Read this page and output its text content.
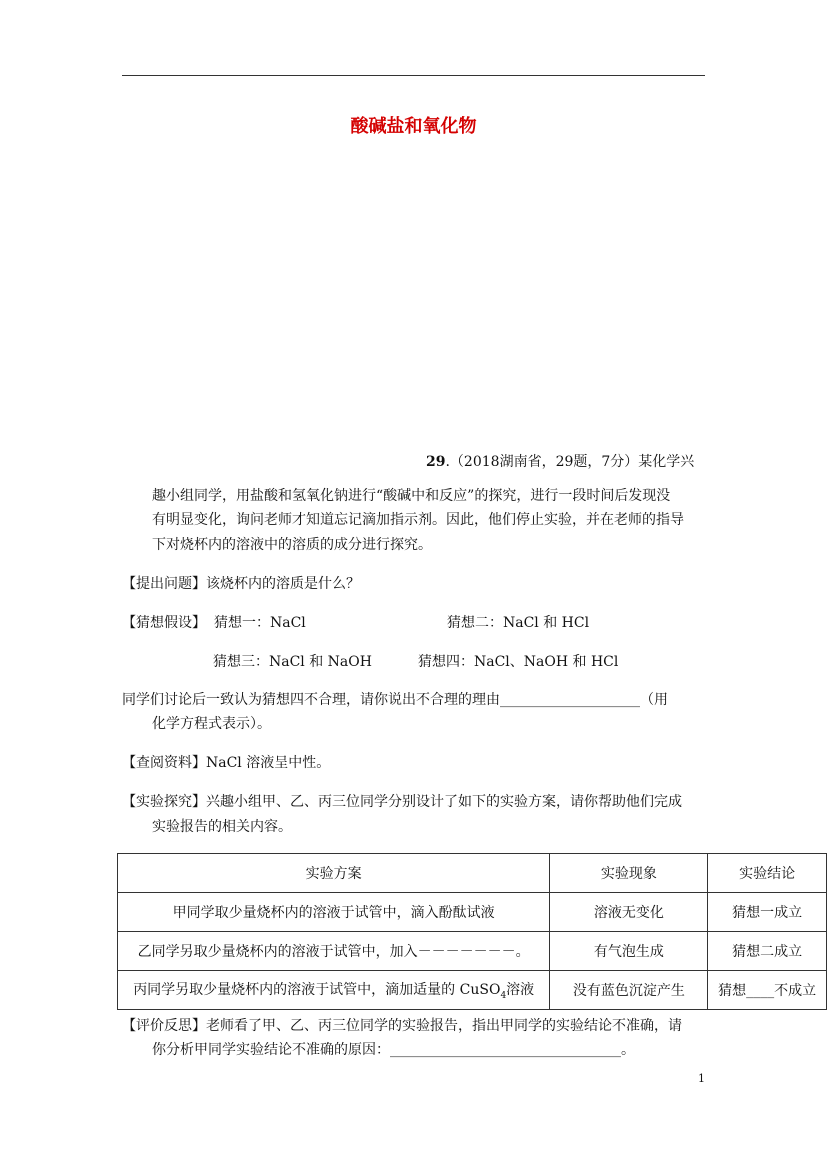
酸碱盐和氧化物
29.（2018湖南省，29题，7分）某化学兴
趣小组同学，用盐酸和氢氧化钠进行“酸碱中和反应”的探究，进行一段时间后发现没
有明显变化，询问老师才知道忘记滴加指示剂。因此，他们停止实验，并在老师的指导
下对烧杯内的溶液中的溶质的成分进行探究。
【提出问题】该烧杯内的溶质是什么？
【猜想假设】 猜想一：NaCl	猜想二：NaCl 和 HCl
猜想三：NaCl 和 NaOH	猜想四：NaCl、NaOH 和 HCl
同学们讨论后一致认为猜想四不合理，请你说出不合理的理由____________________（用
化学方程式表示）。
【查阅资料】NaCl 溶液呈中性。
【实验探究】兴趣小组甲、乙、丙三位同学分别设计了如下的实验方案，请你帮助他们完成
实验报告的相关内容。
实验方案	实验现象	实验结论
甲同学取少量烧杯内的溶液于试管中，滴入酚酞试液	溶液无变化	猜想一成立
乙同学另取少量烧杯内的溶液于试管中，加入－－－－－－－。	有气泡生成	猜想二成立
丙同学另取少量烧杯内的溶液于试管中，滴加适量的 CuSO$_4$溶液	没有蓝色沉淀产生	猜想____不成立
【评价反思】老师看了甲、乙、丙三位同学的实验报告，指出甲同学的实验结论不准确，请
你分析甲同学实验结论不准确的原因：_________________________________。
1
